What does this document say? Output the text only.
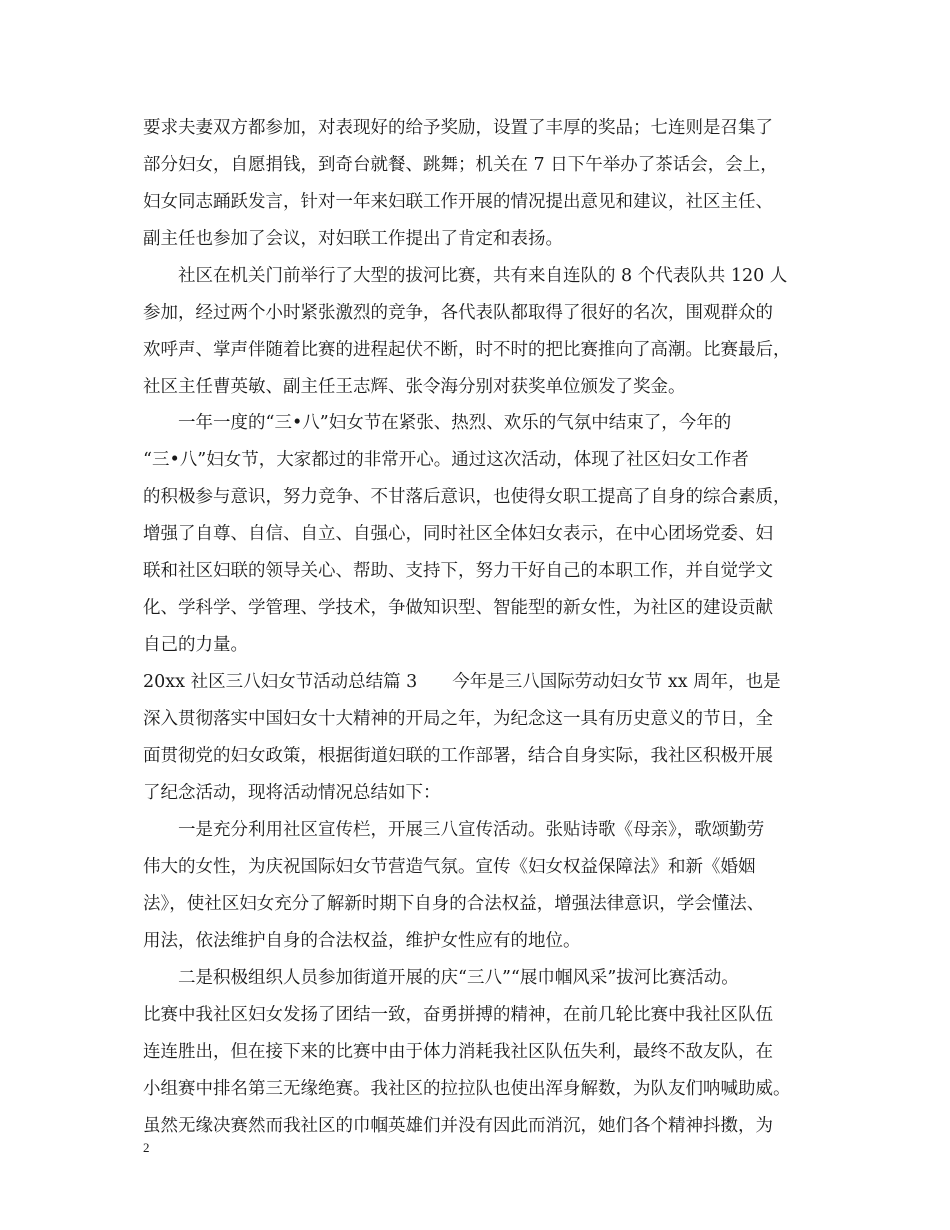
要求夫妻双方都参加，对表现好的给予奖励，设置了丰厚的奖品；七连则是召集了
部分妇女，自愿捐钱，到奇台就餐、跳舞；机关在 7 日下午举办了茶话会，会上，
妇女同志踊跃发言，针对一年来妇联工作开展的情况提出意见和建议，社区主任、
副主任也参加了会议，对妇联工作提出了肯定和表扬。
社区在机关门前举行了大型的拔河比赛，共有来自连队的 8 个代表队共 120 人
参加，经过两个小时紧张激烈的竞争，各代表队都取得了很好的名次，围观群众的
欢呼声、掌声伴随着比赛的进程起伏不断，时不时的把比赛推向了高潮。比赛最后，
社区主任曹英敏、副主任王志辉、张令海分别对获奖单位颁发了奖金。
一年一度的“三•八”妇女节在紧张、热烈、欢乐的气氛中结束了，今年的
“三•八”妇女节，大家都过的非常开心。通过这次活动，体现了社区妇女工作者
的积极参与意识，努力竞争、不甘落后意识，也使得女职工提高了自身的综合素质，
增强了自尊、自信、自立、自强心，同时社区全体妇女表示，在中心团场党委、妇
联和社区妇联的领导关心、帮助、支持下，努力干好自己的本职工作，并自觉学文
化、学科学、学管理、学技术，争做知识型、智能型的新女性，为社区的建设贡献
自己的力量。
20xx 社区三八妇女节活动总结篇 3　　今年是三八国际劳动妇女节 xx 周年，也是
深入贯彻落实中国妇女十大精神的开局之年，为纪念这一具有历史意义的节日，全
面贯彻党的妇女政策，根据街道妇联的工作部署，结合自身实际，我社区积极开展
了纪念活动，现将活动情况总结如下：
一是充分利用社区宣传栏，开展三八宣传活动。张贴诗歌《母亲》，歌颂勤劳
伟大的女性，为庆祝国际妇女节营造气氛。宣传《妇女权益保障法》和新《婚姻
法》，使社区妇女充分了解新时期下自身的合法权益，增强法律意识，学会懂法、
用法，依法维护自身的合法权益，维护女性应有的地位。
二是积极组织人员参加街道开展的庆“三八”“展巾帼风采”拔河比赛活动。
比赛中我社区妇女发扬了团结一致，奋勇拼搏的精神，在前几轮比赛中我社区队伍
连连胜出，但在接下来的比赛中由于体力消耗我社区队伍失利，最终不敌友队，在
小组赛中排名第三无缘绝赛。我社区的拉拉队也使出浑身解数，为队友们呐喊助威。
虽然无缘决赛然而我社区的巾帼英雄们并没有因此而消沉，她们各个精神抖擞，为
2
